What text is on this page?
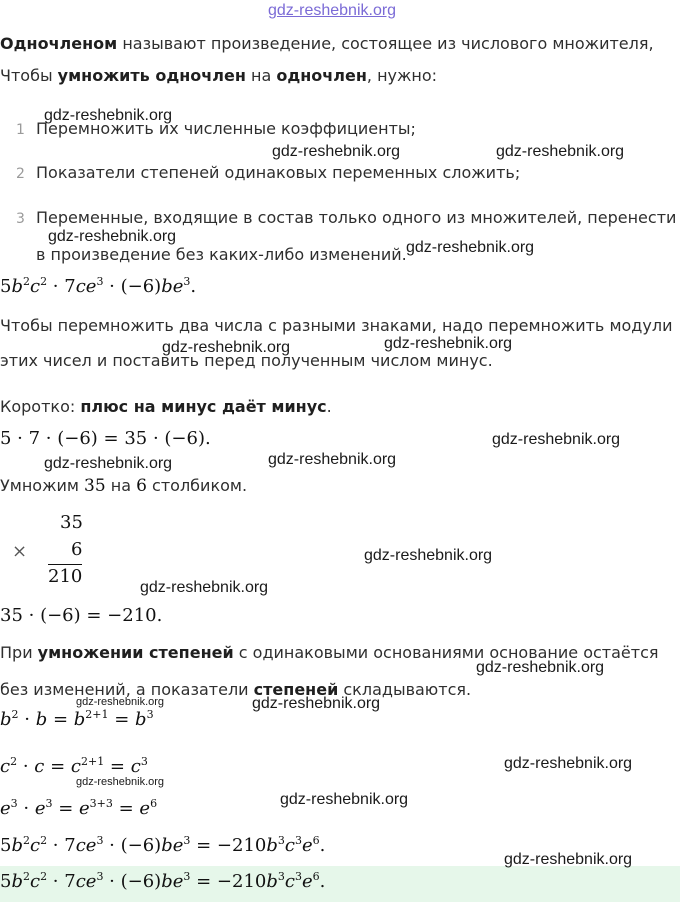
gdz-reshebnik.org
Одночленом называют произведение, состоящее из числового множителя,
Чтобы умножить одночлен на одночлен, нужно:
1 Перемножить их численные коэффициенты;
2 Показатели степеней одинаковых переменных сложить;
3 Переменные, входящие в состав только одного из множителей, перенести
в произведение без каких-либо изменений.
$5b^2c^2 \cdot 7ce^3 \cdot (-6)be^3$.
Чтобы перемножить два числа с разными знаками, надо перемножить модули
этих чисел и поставить перед полученным числом минус.
Коротко: плюс на минус даёт минус.
5 · 7 · (−6) = 35 · (−6).
Умножим 35 на 6 столбиком.
35
× 6
210
35 · (−6) = −210.
При умножении степеней с одинаковыми основаниями основание остаётся
без изменений, а показатели степеней складываются.
$b^2 \cdot b = b^{2+1} = b^3$
$c^2 \cdot c = c^{2+1} = c^3$
$e^3 \cdot e^3 = e^{3+3} = e^6$
$5b^2c^2 \cdot 7ce^3 \cdot (-6)be^3 = -210b^3c^3e^6$.
$5b^2c^2 \cdot 7ce^3 \cdot (-6)be^3 = -210b^3c^3e^6$.
gdz-reshebnik.org
gdz-reshebnik.org	gdz-reshebnik.org
gdz-reshebnik.org
gdz-reshebnik.org
gdz-reshebnik.org	gdz-reshebnik.org
gdz-reshebnik.org
gdz-reshebnik.org	gdz-reshebnik.org
gdz-reshebnik.org
gdz-reshebnik.org
gdz-reshebnik.org
gdz-reshebnik.org	gdz-reshebnik.org
gdz-reshebnik.org
gdz-reshebnik.org
gdz-reshebnik.org
gdz-reshebnik.org
